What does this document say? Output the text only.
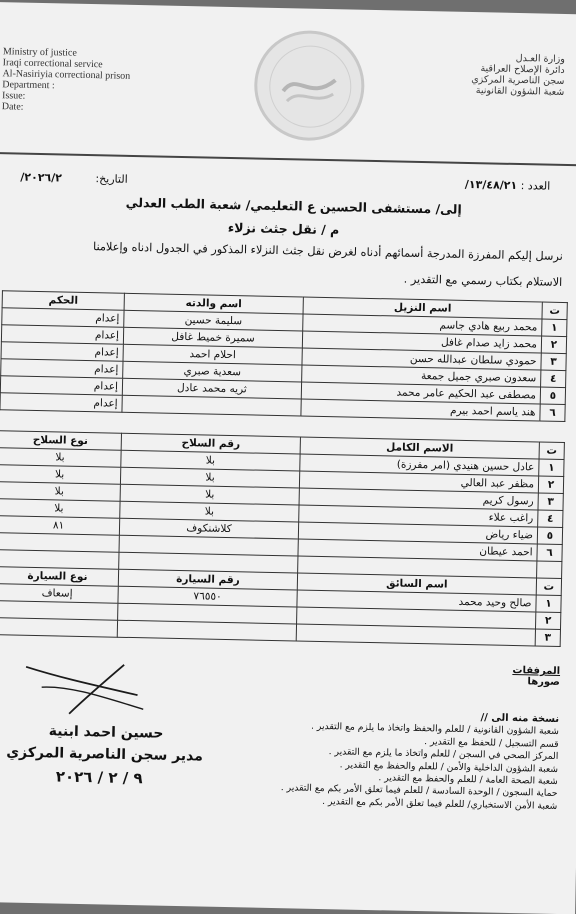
Ministry of justice
Iraqi correctional service
Al-Nasiriyia correctional prison
Department :
Issue:
Date:
وزارة العـدل
دائرة الإصلاح العراقية
سجن الناصرية المركزي
شعبة الشؤون القانونية
العدد : ١٣/٤٨/٢١/
التاريخ: ٢٠٢٦/٢/
إلى/ مستشفى الحسين ع التعليمي/ شعبة الطب العدلي
م / نقل جثث نزلاء
نرسل إليكم المفرزة المدرجة أسمائهم أدناه لغرض نقل جثث النزلاء المذكور في الجدول ادناه وإعلامنا
الاستلام بكتاب رسمي مع التقدير .
ت	اسم النزيل	اسم والدته	الحكم
١	محمد ربيع هادي جاسم	سليمة حسين	إعدام
٢	محمد زايد صدام غافل	سميرة خميط غافل	إعدام
٣	حمودي سلطان عبدالله حسن	احلام احمد	إعدام
٤	سعدون صبري جميل جمعة	سعدية صبري	إعدام
٥	مصطفى عبد الحكيم عامر محمد	ثريه محمد عادل	إعدام
٦	هند ياسم احمد بيرم		إعدام
ت	الاسم الكامل	رقم السلاح	نوع السلاح
١	عادل حسين هنيدي (امر مفرزة)	بلا	بلا
٢	مظفر عبد العالي	بلا	بلا
٣	رسول كريم	بلا	بلا
٤	راغب علاء	بلا	بلا
٥	ضياء رياض	كلاشنكوف	٨١
٦	احمد عيطان		

ت	اسم السائق	رقم السيارة	نوع السيارة
١	صالح وحيد محمد	٧٦٥٥٠	إسعاف
٢			
٣			
المرفقات
صورها
حسين احمد ابنية
مدير سجن الناصرية المركزي
٩ / ٢ / ٢٠٢٦
نسخة منه الى //
شعبة الشؤون القانونية / للعلم والحفظ واتخاذ ما يلزم مع التقدير .
قسم التسجيل / للحفظ مع التقدير .
المركز الصحي في السجن / للعلم واتخاذ ما يلزم مع التقدير .
شعبة الشؤون الداخلية والأمن / للعلم والحفظ مع التقدير .
شعبة الصحة العامة / للعلم والحفظ مع التقدير .
حماية السجون / الوحدة السادسة / للعلم فيما تعلق الأمر بكم مع التقدير .
شعبة الأمن الاستخباري/ للعلم فيما تعلق الأمر بكم مع التقدير .
